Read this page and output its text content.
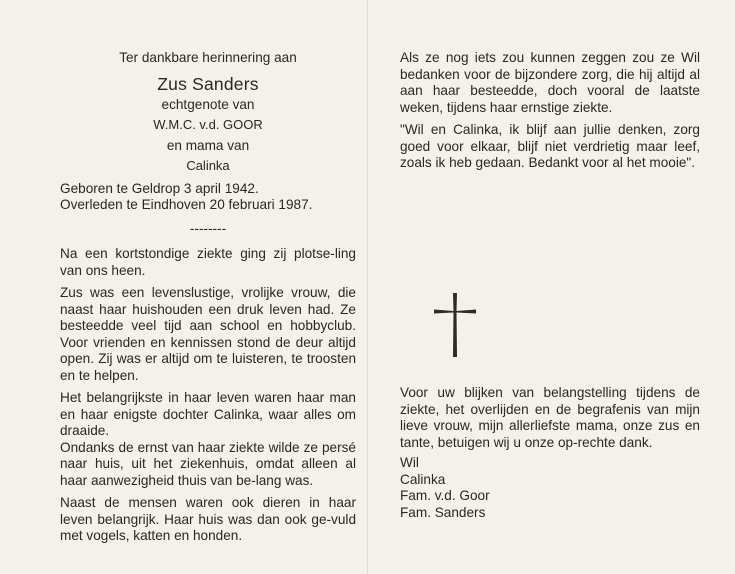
Ter dankbare herinnering aan

Zus Sanders

echtgenote van

W.M.C. v.d. GOOR

en mama van

Calinka

Geboren te Geldrop 3 april 1942.

Overleden te Eindhoven 20 februari 1987.

--------

Na een kortstondige ziekte ging zij plotse-ling van ons heen.

Zus was een levenslustige, vrolijke vrouw, die naast haar huishouden een druk leven had. Ze besteedde veel tijd aan school en hobbyclub. Voor vrienden en kennissen stond de deur altijd open. Zij was er altijd om te luisteren, te troosten en te helpen.

Het belangrijkste in haar leven waren haar man en haar enigste dochter Calinka, waar alles om draaide.

Ondanks de ernst van haar ziekte wilde ze persé naar huis, uit het ziekenhuis, omdat alleen al haar aanwezigheid thuis van be-lang was.

Naast de mensen waren ook dieren in haar leven belangrijk. Haar huis was dan ook ge-vuld met vogels, katten en honden.

Als ze nog iets zou kunnen zeggen zou ze Wil bedanken voor de bijzondere zorg, die hij altijd al aan haar besteedde, doch vooral de laatste weken, tijdens haar ernstige ziekte.

"Wil en Calinka, ik blijf aan jullie denken, zorg goed voor elkaar, blijf niet verdrietig maar leef, zoals ik heb gedaan. Bedankt voor al het mooie".

Voor uw blijken van belangstelling tijdens de ziekte, het overlijden en de begrafenis van mijn lieve vrouw, mijn allerliefste mama, onze zus en tante, betuigen wij u onze op-rechte dank.

Wil

Calinka

Fam. v.d. Goor

Fam. Sanders
